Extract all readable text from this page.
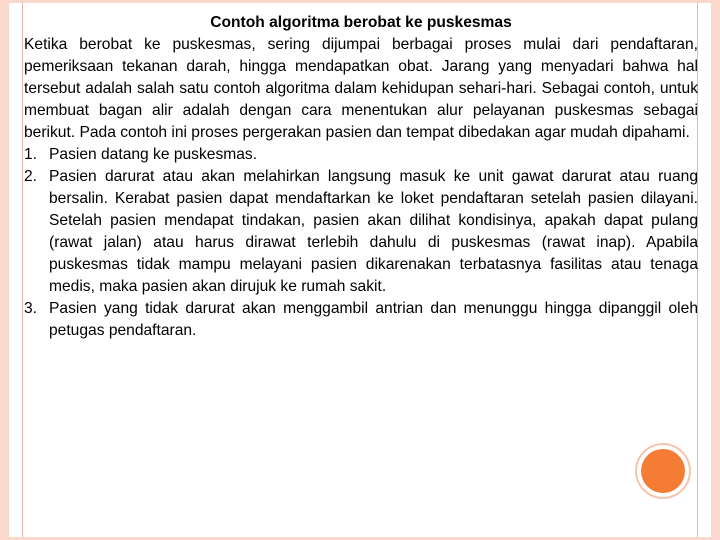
Contoh algoritma berobat ke puskesmas

Ketika berobat ke puskesmas, sering dijumpai berbagai proses mulai dari pendaftaran, pemeriksaan tekanan darah, hingga mendapatkan obat. Jarang yang menyadari bahwa hal tersebut adalah salah satu contoh algoritma dalam kehidupan sehari-hari. Sebagai contoh, untuk membuat bagan alir adalah dengan cara menentukan alur pelayanan puskesmas sebagai berikut. Pada contoh ini proses pergerakan pasien dan tempat dibedakan agar mudah dipahami.

1. Pasien datang ke puskesmas.
2. Pasien darurat atau akan melahirkan langsung masuk ke unit gawat darurat atau ruang bersalin. Kerabat pasien dapat mendaftarkan ke loket pendaftaran setelah pasien dilayani. Setelah pasien mendapat tindakan, pasien akan dilihat kondisinya, apakah dapat pulang (rawat jalan) atau harus dirawat terlebih dahulu di puskesmas (rawat inap). Apabila puskesmas tidak mampu melayani pasien dikarenakan terbatasnya fasilitas atau tenaga medis, maka pasien akan dirujuk ke rumah sakit.
3. Pasien yang tidak darurat akan menggambil antrian dan menunggu hingga dipanggil oleh petugas pendaftaran.
